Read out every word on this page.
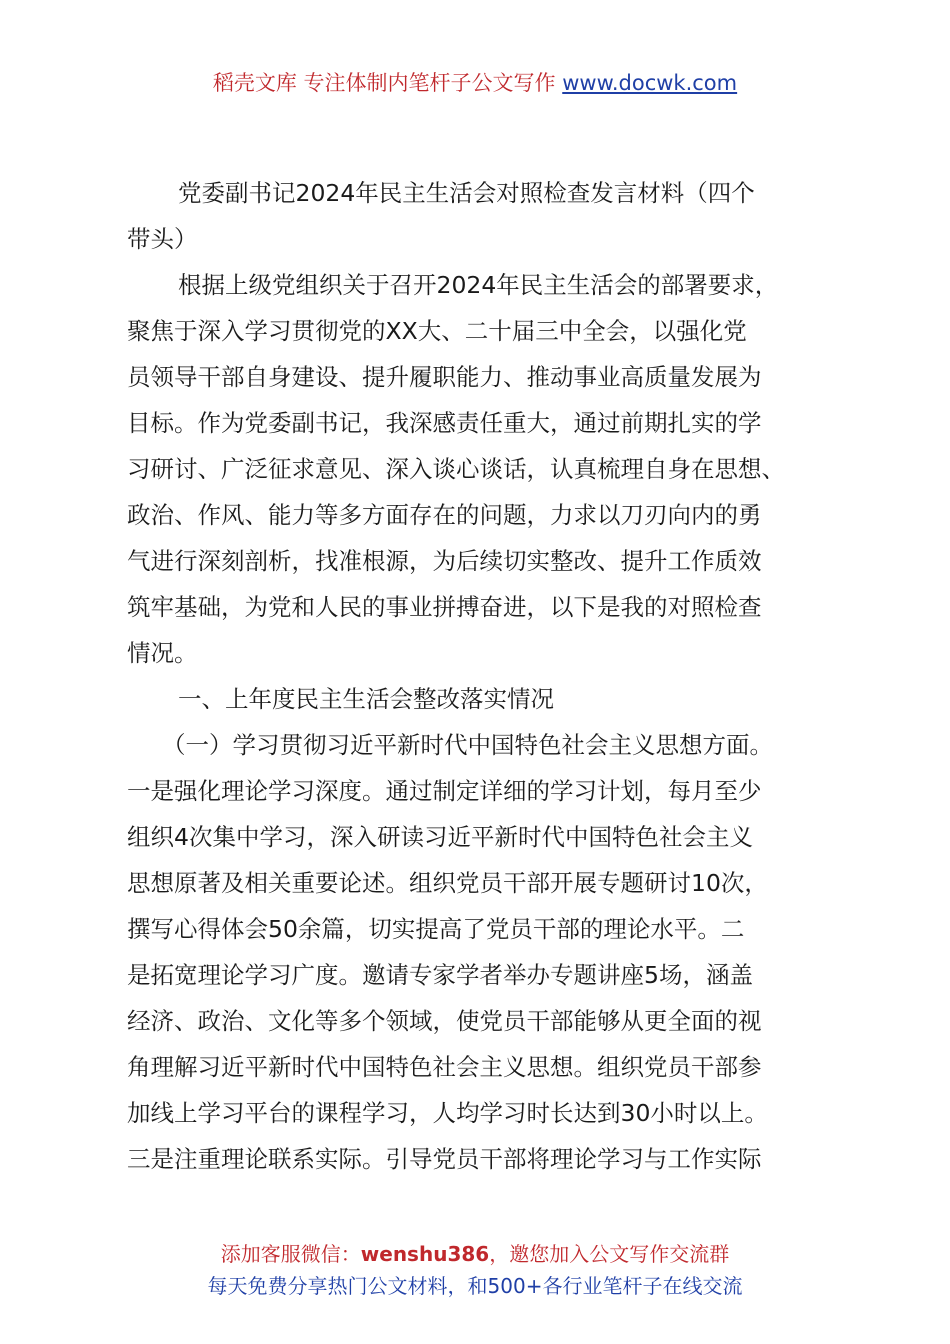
稻壳文库 专注体制内笔杆子公文写作 www.docwk.com
党委副书记2024年民主生活会对照检查发言材料（四个
带头）
根据上级党组织关于召开2024年民主生活会的部署要求，
聚焦于深入学习贯彻党的XX大、二十届三中全会，以强化党
员领导干部自身建设、提升履职能力、推动事业高质量发展为
目标。作为党委副书记，我深感责任重大，通过前期扎实的学
习研讨、广泛征求意见、深入谈心谈话，认真梳理自身在思想、
政治、作风、能力等多方面存在的问题，力求以刀刃向内的勇
气进行深刻剖析，找准根源，为后续切实整改、提升工作质效
筑牢基础，为党和人民的事业拼搏奋进，以下是我的对照检查
情况。
一、上年度民主生活会整改落实情况
（一）学习贯彻习近平新时代中国特色社会主义思想方面。
一是强化理论学习深度。通过制定详细的学习计划，每月至少
组织4次集中学习，深入研读习近平新时代中国特色社会主义
思想原著及相关重要论述。组织党员干部开展专题研讨10次，
撰写心得体会50余篇，切实提高了党员干部的理论水平。二
是拓宽理论学习广度。邀请专家学者举办专题讲座5场，涵盖
经济、政治、文化等多个领域，使党员干部能够从更全面的视
角理解习近平新时代中国特色社会主义思想。组织党员干部参
加线上学习平台的课程学习，人均学习时长达到30小时以上。
三是注重理论联系实际。引导党员干部将理论学习与工作实际
添加客服微信：wenshu386，邀您加入公文写作交流群
每天免费分享热门公文材料，和500+各行业笔杆子在线交流
